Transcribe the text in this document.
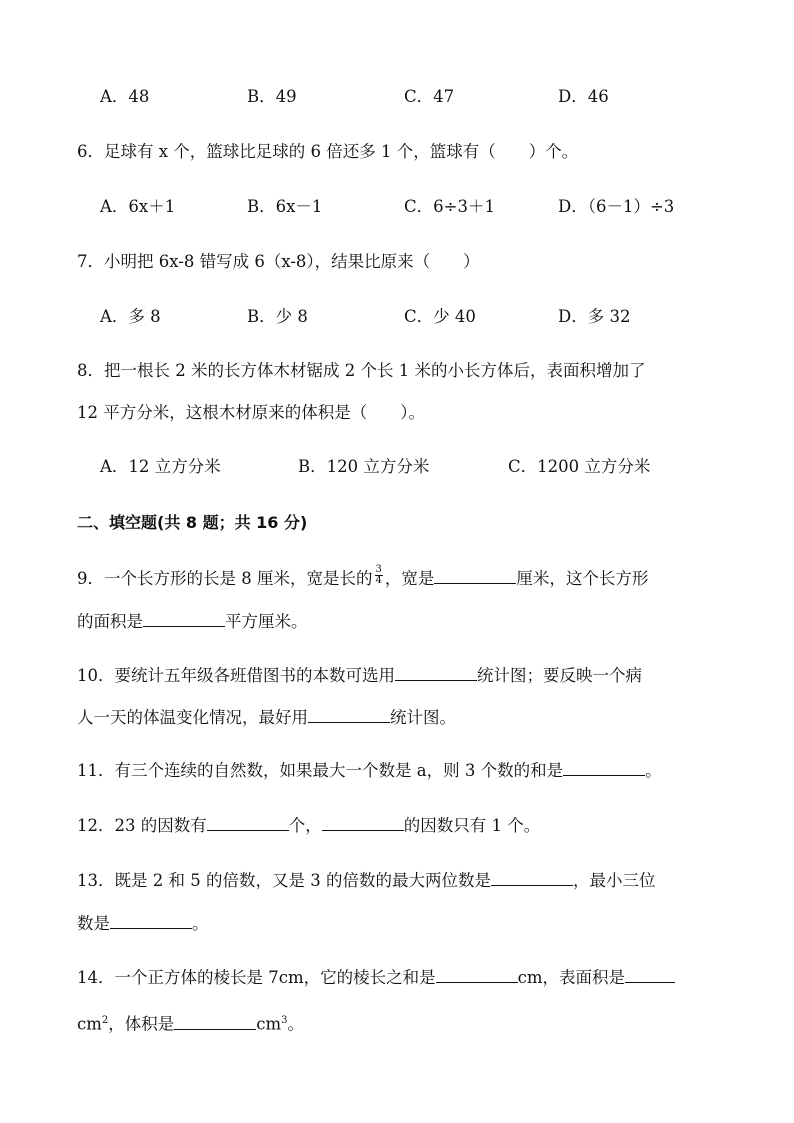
A．48	B．49	C．47	D．46
6．足球有 x 个，篮球比足球的 6 倍还多 1 个，篮球有（　　）个。
A．6x＋1	B．6x－1	C．6÷3＋1	D．（6－1）÷3
7．小明把 6x-8 错写成 6（x-8），结果比原来（　　）
A．多 8	B．少 8	C．少 40	D．多 32
8．把一根长 2 米的长方体木材锯成 2 个长 1 米的小长方体后，表面积增加了
12 平方分米，这根木材原来的体积是（　　）。
A．12 立方分米	B．120 立方分米	C．1200 立方分米
二、填空题(共 8 题；共 16 分)
9．一个长方形的长是 8 厘米，宽是长的 $\frac{3}{4}$ ，宽是	厘米，这个长方形
的面积是	平方厘米。
10．要统计五年级各班借图书的本数可选用	统计图；要反映一个病
人一天的体温变化情况，最好用	统计图。
11．有三个连续的自然数，如果最大一个数是 a，则 3 个数的和是	。
12．23 的因数有	个，	的因数只有 1 个。
13．既是 2 和 5 的倍数，又是 3 的倍数的最大两位数是	，最小三位
数是	。
14．一个正方体的棱长是 7cm，它的棱长之和是	cm，表面积是
$cm^2$，体积是	$cm^3$。
